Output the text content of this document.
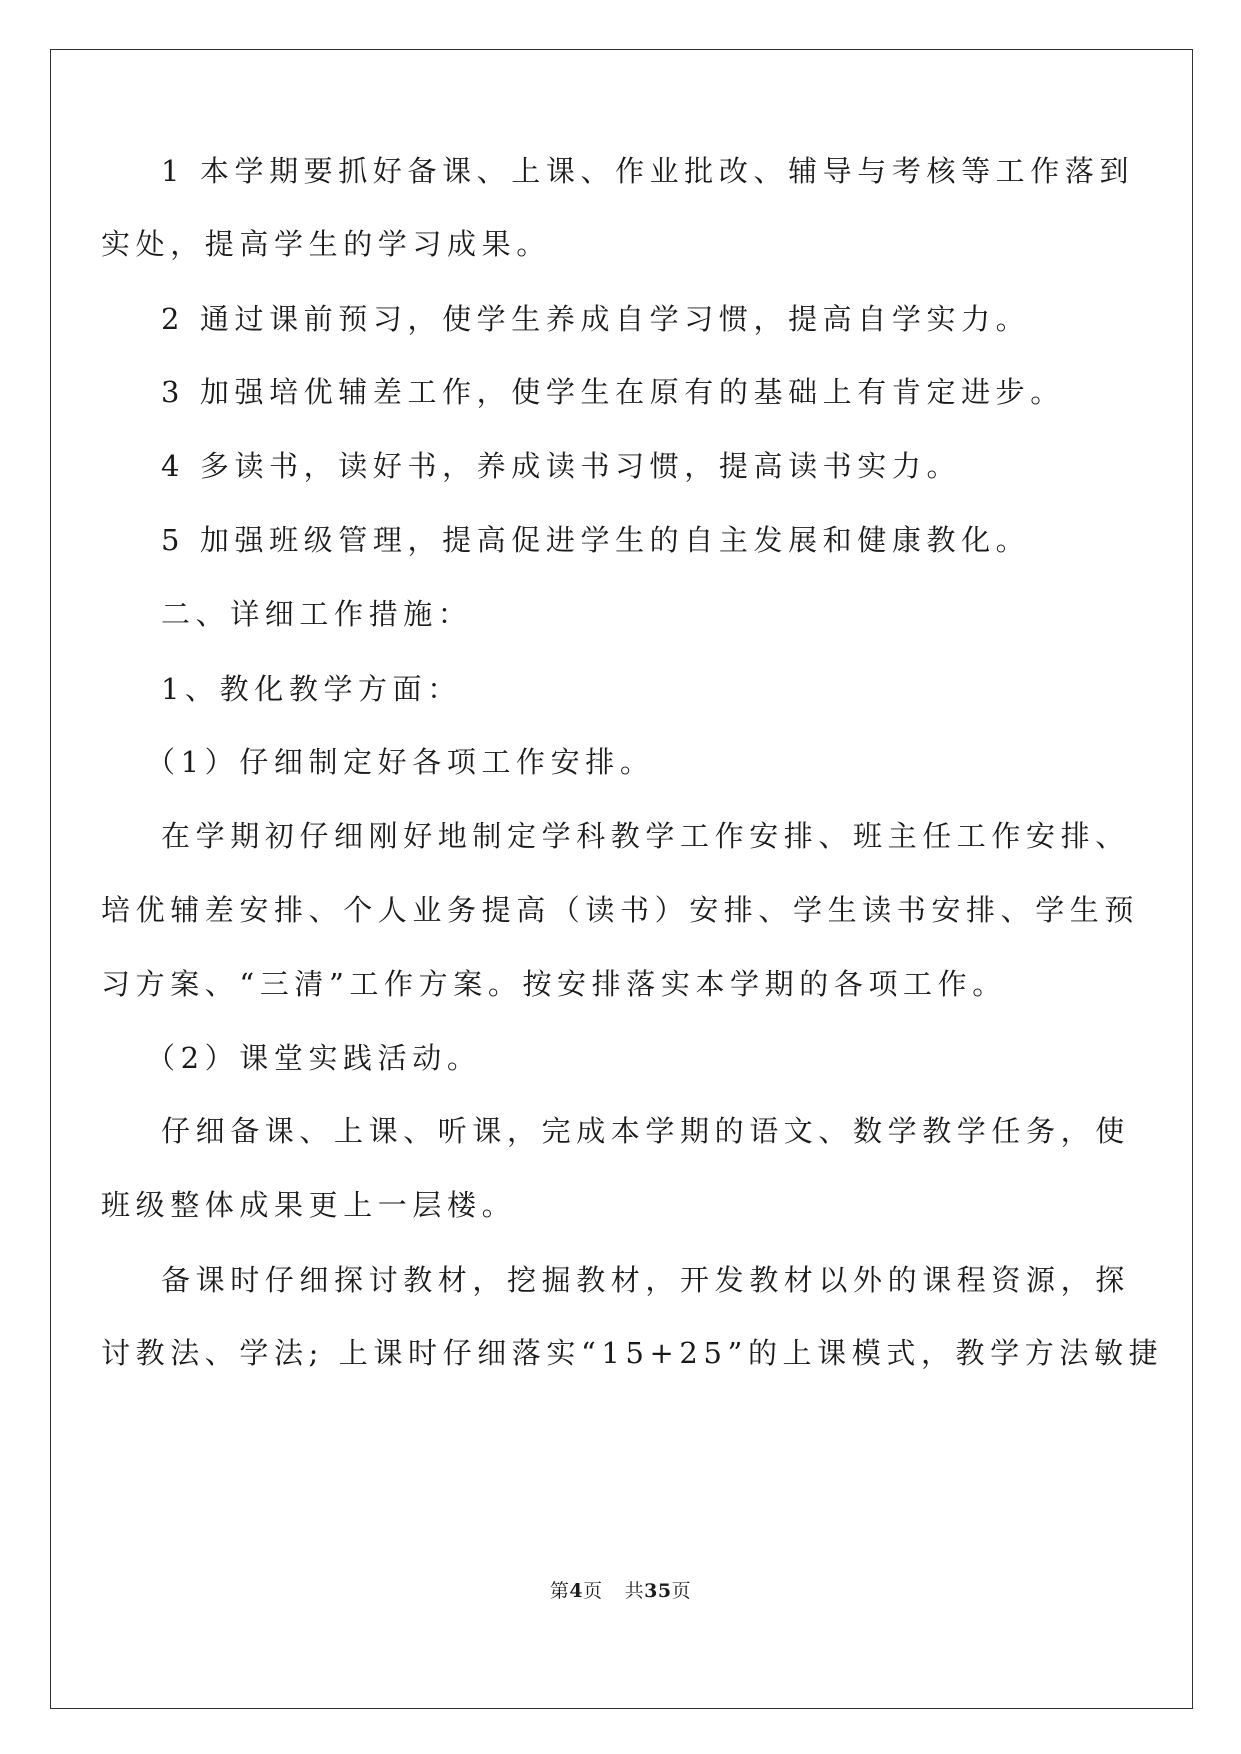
1 本学期要抓好备课、上课、作业批改、辅导与考核等工作落到
实处，提高学生的学习成果。
2 通过课前预习，使学生养成自学习惯，提高自学实力。
3 加强培优辅差工作，使学生在原有的基础上有肯定进步。
4 多读书，读好书，养成读书习惯，提高读书实力。
5 加强班级管理，提高促进学生的自主发展和健康教化。
二、详细工作措施：
1、教化教学方面：
（1）仔细制定好各项工作安排。
在学期初仔细刚好地制定学科教学工作安排、班主任工作安排、
培优辅差安排、个人业务提高（读书）安排、学生读书安排、学生预
习方案、“三清”工作方案。按安排落实本学期的各项工作。
（2）课堂实践活动。
仔细备课、上课、听课，完成本学期的语文、数学教学任务，使
班级整体成果更上一层楼。
备课时仔细探讨教材，挖掘教材，开发教材以外的课程资源，探
讨教法、学法; 上课时仔细落实“15+25”的上课模式，教学方法敏捷
第4页 共35页
